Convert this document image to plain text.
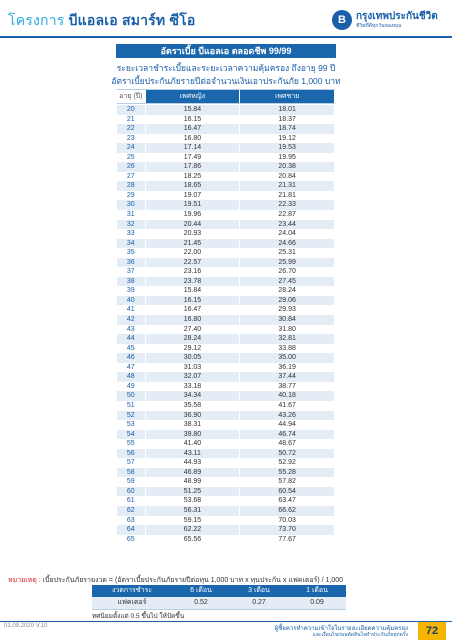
โครงการ บีแอลเอ สมาร์ท ซีโอ	B	กรุงเทพประกันชีวิต
ชีวิตที่ดีทุกวันของคุณ
อัตราเบี้ย บีแอลเอ ตลอดชีพ 99/99
ระยะเวลาชำระเบี้ยและระยะเวลาความคุ้มครอง ถึงอายุ 99 ปี
อัตราเบี้ยประกันภัยรายปีต่อจำนวนเงินเอาประกันภัย 1,000 บาท
อายุ (ปี)	เพศหญิง	เพศชาย
20	15.84	18.01
21	16.15	18.37
22	16.47	18.74
23	16.80	19.12
24	17.14	19.53
25	17.49	19.95
26	17.86	20.38
27	18.25	20.84
28	18.65	21.31
29	19.07	21.81
30	19.51	22.33
31	19.96	22.87
32	20.44	23.44
33	20.93	24.04
34	21.45	24.66
35	22.00	25.31
36	22.57	25.99
37	23.16	26.70
38	23.78	27.45
39	15.84	28.24
40	16.15	29.06
41	16.47	29.93
42	16.80	30.84
43	27.40	31.80
44	28.24	32.81
45	29.12	33.88
46	30.05	35.00
47	31.03	36.19
48	32.07	37.44
49	33.18	38.77
50	34.34	40.18
51	35.58	41.67
52	36.90	43.26
53	38.31	44.94
54	39.80	46.74
55	41.40	48.67
56	43.11	50.72
57	44.93	52.92
58	46.89	55.28
59	48.99	57.82
60	51.25	60.54
61	53.68	63.47
62	56.31	66.62
63	59.15	70.03
64	62.22	73.70
65	65.56	77.67
หมายเหตุ : เบี้ยประกันภัยรายงวด = (อัตราเบี้ยประกันภัยรายปีต่อทุน 1,000 บาท x ทุนประกัน x แฟคเตอร์) / 1,000
งวดการชำระ	6 เดือน	3 เดือน	1 เดือน
แฟคเตอร์	0.52	0.27	0.09
ทศนิยมตั้งแต่ 0.5 ขึ้นไป ให้ปัดขึ้น
01.09.2020 V.10	ผู้ซื้อควรทำความเข้าใจในรายละเอียดความคุ้มครอง
และเงื่อนไขก่อนตัดสินใจทำประกันภัยทุกครั้ง	72
